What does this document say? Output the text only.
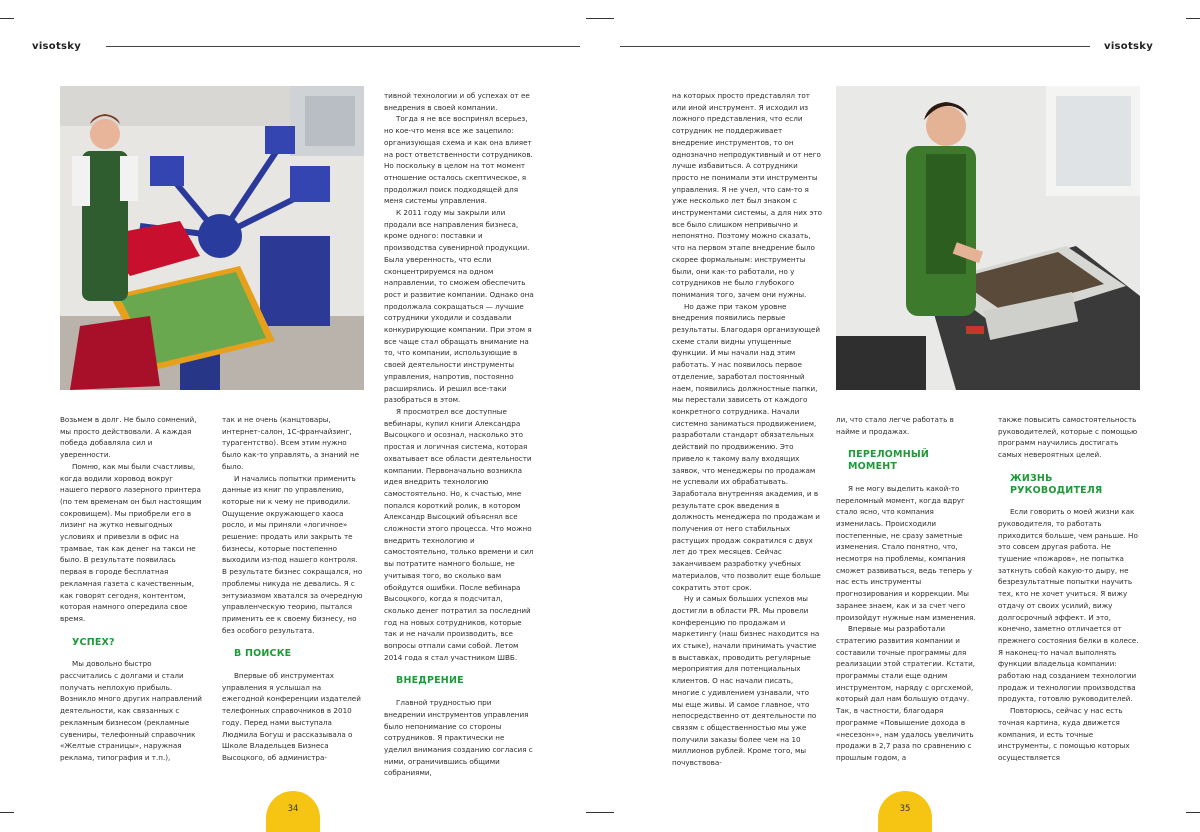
visotsky

Возьмем в долг. Не было сомнений, мы просто действовали. А каждая победа добавляла сил и уверенности.

Помню, как мы были счастливы, когда водили хоровод вокруг нашего первого лазерного принтера (по тем временам он был настоящим сокровищем). Мы приобрели его в лизинг на жутко невыгодных условиях и привезли в офис на трамвае, так как денег на такси не было. В результате появилась первая в городе бесплатная рекламная газета с качественным, как говорят сегодня, контентом, которая намного опередила свое время.

УСПЕХ?

Мы довольно быстро рассчитались с долгами и стали получать неплохую прибыль. Возникло много других направлений деятельности, как связанных с рекламным бизнесом (рекламные сувениры, телефонный справочник «Желтые страницы», наружная реклама, типография и т.п.),

так и не очень (канцтовары, интернет-салон, 1С-франчайзинг, турагентство). Всем этим нужно было как-то управлять, а знаний не было.

И начались попытки применить данные из книг по управлению, которые ни к чему не приводили. Ощущение окружающего хаоса росло, и мы приняли «логичное» решение: продать или закрыть те бизнесы, которые постепенно выходили из-под нашего контроля. В результате бизнес сокращался, но проблемы никуда не девались. Я с энтузиазмом хватался за очередную управленческую теорию, пытался применить ее к своему бизнесу, но без особого результата.

В ПОИСКЕ

Впервые об инструментах управления я услышал на ежегодной конференции издателей телефонных справочников в 2010 году. Перед нами выступала Людмила Богуш и рассказывала о Школе Владельцев Бизнеса Высоцкого, об администра-

тивной технологии и об успехах от ее внедрения в своей компании.

Тогда я не все воспринял всерьез, но кое-что меня все же зацепило: организующая схема и как она влияет на рост ответственности сотрудников. Но поскольку в целом на тот момент отношение осталось скептическое, я продолжил поиск подходящей для меня системы управления.

К 2011 году мы закрыли или продали все направления бизнеса, кроме одного: поставки и производства сувенирной продукции. Была уверенность, что если сконцентрируемся на одном направлении, то сможем обеспечить рост и развитие компании. Однако она продолжала сокращаться — лучшие сотрудники уходили и создавали конкурирующие компании. При этом я все чаще стал обращать внимание на то, что компании, использующие в своей деятельности инструменты управления, напротив, постоянно расширялись. И решил все-таки разобраться в этом.

Я просмотрел все доступные вебинары, купил книги Александра Высоцкого и осознал, насколько это простая и логичная система, которая охватывает все области деятельности компании. Первоначально возникла идея внедрить технологию самостоятельно. Но, к счастью, мне попался короткий ролик, в котором Александр Высоцкий объяснял все сложности этого процесса. Что можно внедрить технологию и самостоятельно, только времени и сил вы потратите намного больше, не учитывая того, во сколько вам обойдутся ошибки. После вебинара Высоцкого, когда я подсчитал, сколько денег потратил за последний год на новых сотрудников, которые так и не начали производить, все вопросы отпали сами собой. Летом 2014 года я стал участником ШВБ.

ВНЕДРЕНИЕ

Главной трудностью при внедрении инструментов управления было непонимание со стороны сотрудников. Я практически не уделил внимания созданию согласия с ними, ограничившись общими собраниями,

34
visotsky

на которых просто представлял тот или иной инструмент. Я исходил из ложного представления, что если сотрудник не поддерживает внедрение инструментов, то он однозначно непродуктивный и от него лучше избавиться. А сотрудники просто не понимали эти инструменты управления. Я не учел, что сам-то я уже несколько лет был знаком с инструментами системы, а для них это все было слишком непривычно и непонятно. Поэтому можно сказать, что на первом этапе внедрение было скорее формальным: инструменты были, они как-то работали, но у сотрудников не было глубокого понимания того, зачем они нужны.

Но даже при таком уровне внедрения появились первые результаты. Благодаря организующей схеме стали видны упущенные функции. И мы начали над этим работать. У нас появилось первое отделение, заработал постоянный наем, появились должностные папки, мы перестали зависеть от каждого конкретного сотрудника. Начали системно заниматься продвижением, разработали стандарт обязательных действий по продвижению. Это привело к такому валу входящих заявок, что менеджеры по продажам не успевали их обрабатывать. Заработала внутренняя академия, и в результате срок введения в должность менеджера по продажам и получения от него стабильных растущих продаж сократился с двух лет до трех месяцев. Сейчас заканчиваем разработку учебных материалов, что позволит еще больше сократить этот срок.

Ну и самых больших успехов мы достигли в области PR. Мы провели конференцию по продажам и маркетингу (наш бизнес находится на их стыке), начали принимать участие в выставках, проводить регулярные мероприятия для потенциальных клиентов. О нас начали писать, многие с удивлением узнавали, что мы еще живы. И самое главное, что непосредственно от деятельности по связям с общественностью мы уже получили заказы более чем на 10 миллионов рублей. Кроме того, мы почувствова-

ли, что стало легче работать в найме и продажах.

ПЕРЕЛОМНЫЙ МОМЕНТ

Я не могу выделить какой-то переломный момент, когда вдруг стало ясно, что компания изменилась. Происходили постепенные, не сразу заметные изменения. Стало понятно, что, несмотря на проблемы, компания сможет развиваться, ведь теперь у нас есть инструменты прогнозирования и коррекции. Мы заранее знаем, как и за счет чего произойдут нужные нам изменения.

Впервые мы разработали стратегию развития компании и составили точные программы для реализации этой стратегии. Кстати, программы стали еще одним инструментом, наряду с оргсхемой, который дал нам большую отдачу. Так, в частности, благодаря программе «Повышение дохода в «несезон»», нам удалось увеличить продажи в 2,7 раза по сравнению с прошлым годом, а

также повысить самостоятельность руководителей, которые с помощью программ научились достигать самых невероятных целей.

ЖИЗНЬ РУКОВОДИТЕЛЯ

Если говорить о моей жизни как руководителя, то работать приходится больше, чем раньше. Но это совсем другая работа. Не тушение «пожаров», не попытка заткнуть собой какую-то дыру, не безрезультатные попытки научить тех, кто не хочет учиться. Я вижу отдачу от своих усилий, вижу долгосрочный эффект. И это, конечно, заметно отличается от прежнего состояния белки в колесе. Я наконец-то начал выполнять функции владельца компании: работаю над созданием технологии продаж и технологии производства продукта, готовлю руководителей.

Повторюсь, сейчас у нас есть точная картина, куда движется компания, и есть точные инструменты, с помощью которых осуществляется

35
